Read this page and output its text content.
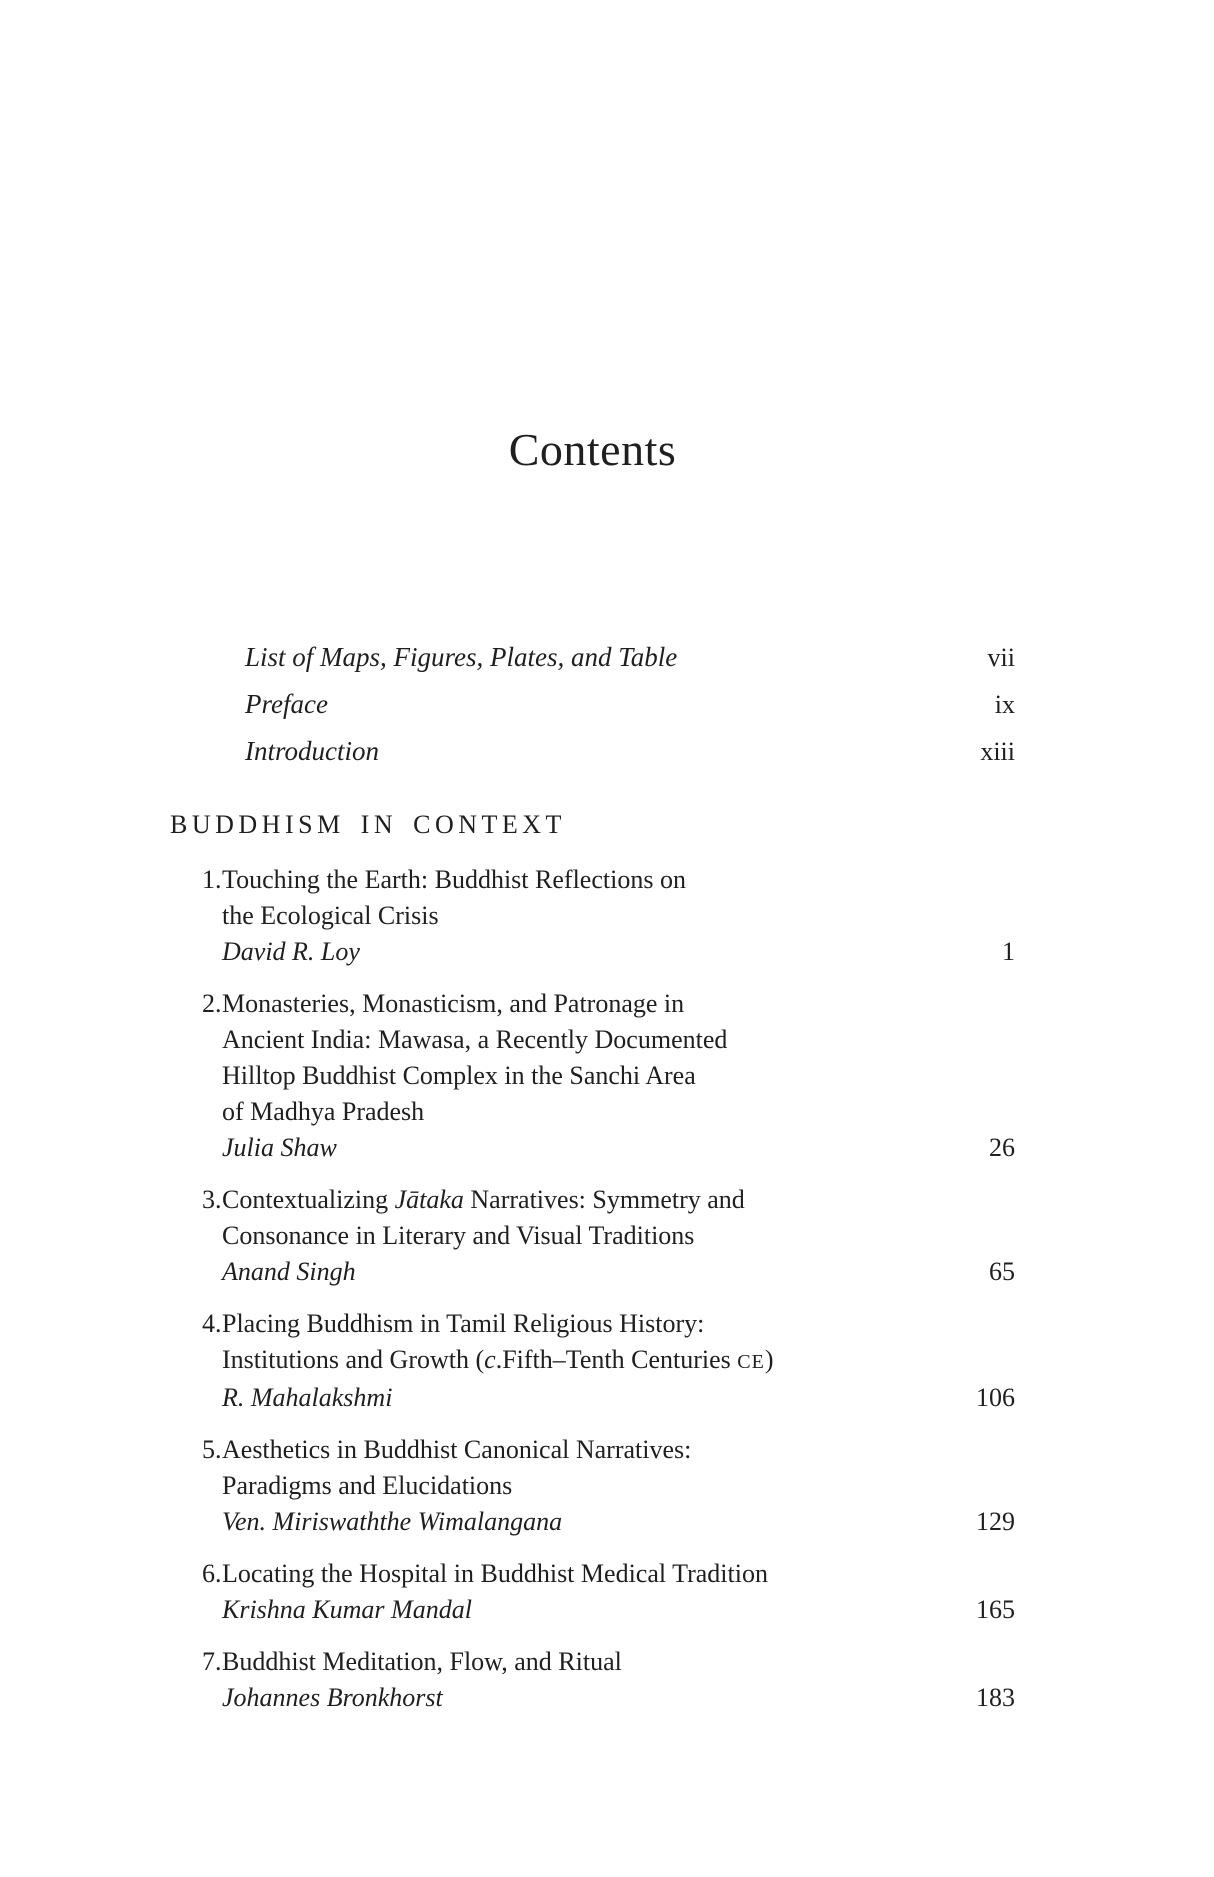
Contents
List of Maps, Figures, Plates, and Table	vii
Preface	ix
Introduction	xiii
BUDDHISM IN CONTEXT
1. Touching the Earth: Buddhist Reflections on
the Ecological Crisis
David R. Loy	1
2. Monasteries, Monasticism, and Patronage in
Ancient India: Mawasa, a Recently Documented
Hilltop Buddhist Complex in the Sanchi Area
of Madhya Pradesh
Julia Shaw	26
3. Contextualizing Jātaka Narratives: Symmetry and
Consonance in Literary and Visual Traditions
Anand Singh	65
4. Placing Buddhism in Tamil Religious History:
Institutions and Growth (c.Fifth–Tenth Centuries CE)
R. Mahalakshmi	106
5. Aesthetics in Buddhist Canonical Narratives:
Paradigms and Elucidations
Ven. Miriswaththe Wimalangana	129
6. Locating the Hospital in Buddhist Medical Tradition
Krishna Kumar Mandal	165
7. Buddhist Meditation, Flow, and Ritual
Johannes Bronkhorst	183
